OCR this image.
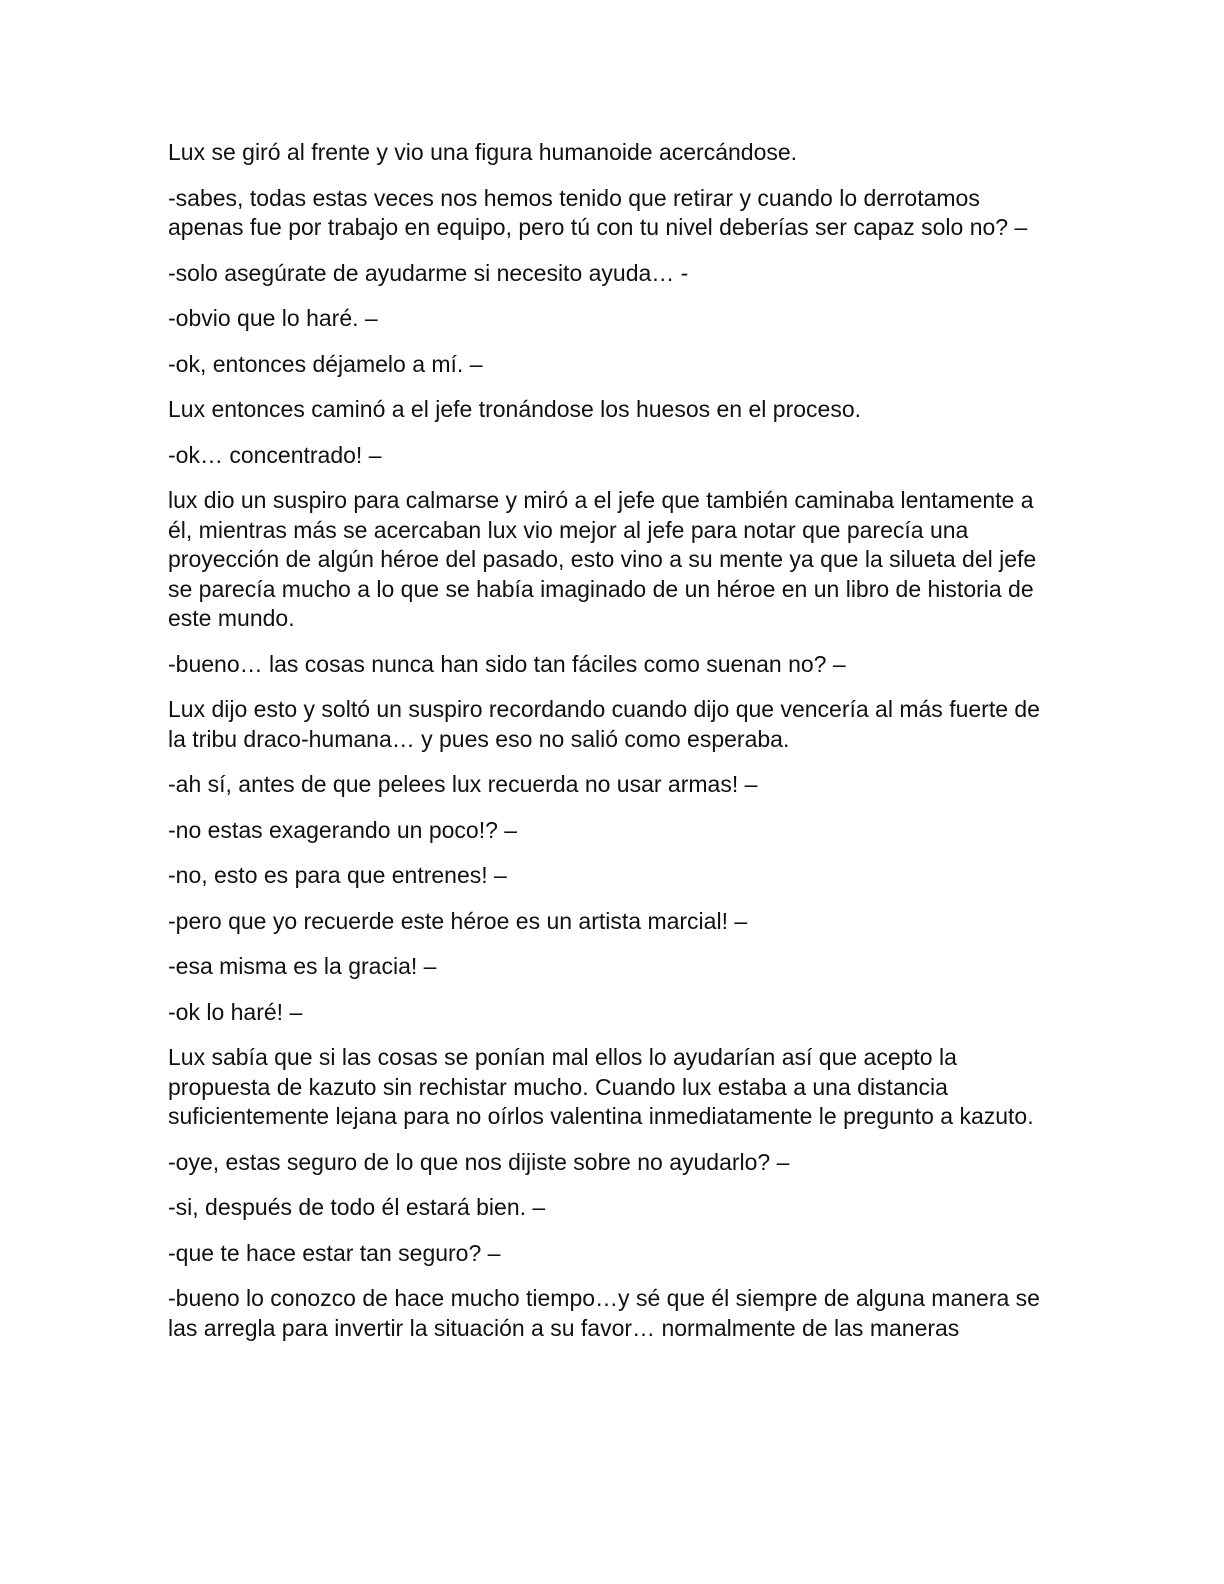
Lux se giró al frente y vio una figura humanoide acercándose.

-sabes, todas estas veces nos hemos tenido que retirar y cuando lo derrotamos apenas fue por trabajo en equipo, pero tú con tu nivel deberías ser capaz solo no? –

-solo asegúrate de ayudarme si necesito ayuda… -

-obvio que lo haré. –

-ok, entonces déjamelo a mí. –

Lux entonces caminó a el jefe tronándose los huesos en el proceso.

-ok… concentrado! –

lux dio un suspiro para calmarse y miró a el jefe que también caminaba lentamente a él, mientras más se acercaban lux vio mejor al jefe para notar que parecía una proyección de algún héroe del pasado, esto vino a su mente ya que la silueta del jefe se parecía mucho a lo que se había imaginado de un héroe en un libro de historia de este mundo.

-bueno… las cosas nunca han sido tan fáciles como suenan no? –

Lux dijo esto y soltó un suspiro recordando cuando dijo que vencería al más fuerte de la tribu draco-humana… y pues eso no salió como esperaba.

-ah sí, antes de que pelees lux recuerda no usar armas! –

-no estas exagerando un poco!? –

-no, esto es para que entrenes! –

-pero que yo recuerde este héroe es un artista marcial! –

-esa misma es la gracia! –

-ok lo haré! –

Lux sabía que si las cosas se ponían mal ellos lo ayudarían así que acepto la propuesta de kazuto sin rechistar mucho. Cuando lux estaba a una distancia suficientemente lejana para no oírlos valentina inmediatamente le pregunto a kazuto.

-oye, estas seguro de lo que nos dijiste sobre no ayudarlo? –

-si, después de todo él estará bien. –

-que te hace estar tan seguro? –

-bueno lo conozco de hace mucho tiempo…y sé que él siempre de alguna manera se las arregla para invertir la situación a su favor… normalmente de las maneras
